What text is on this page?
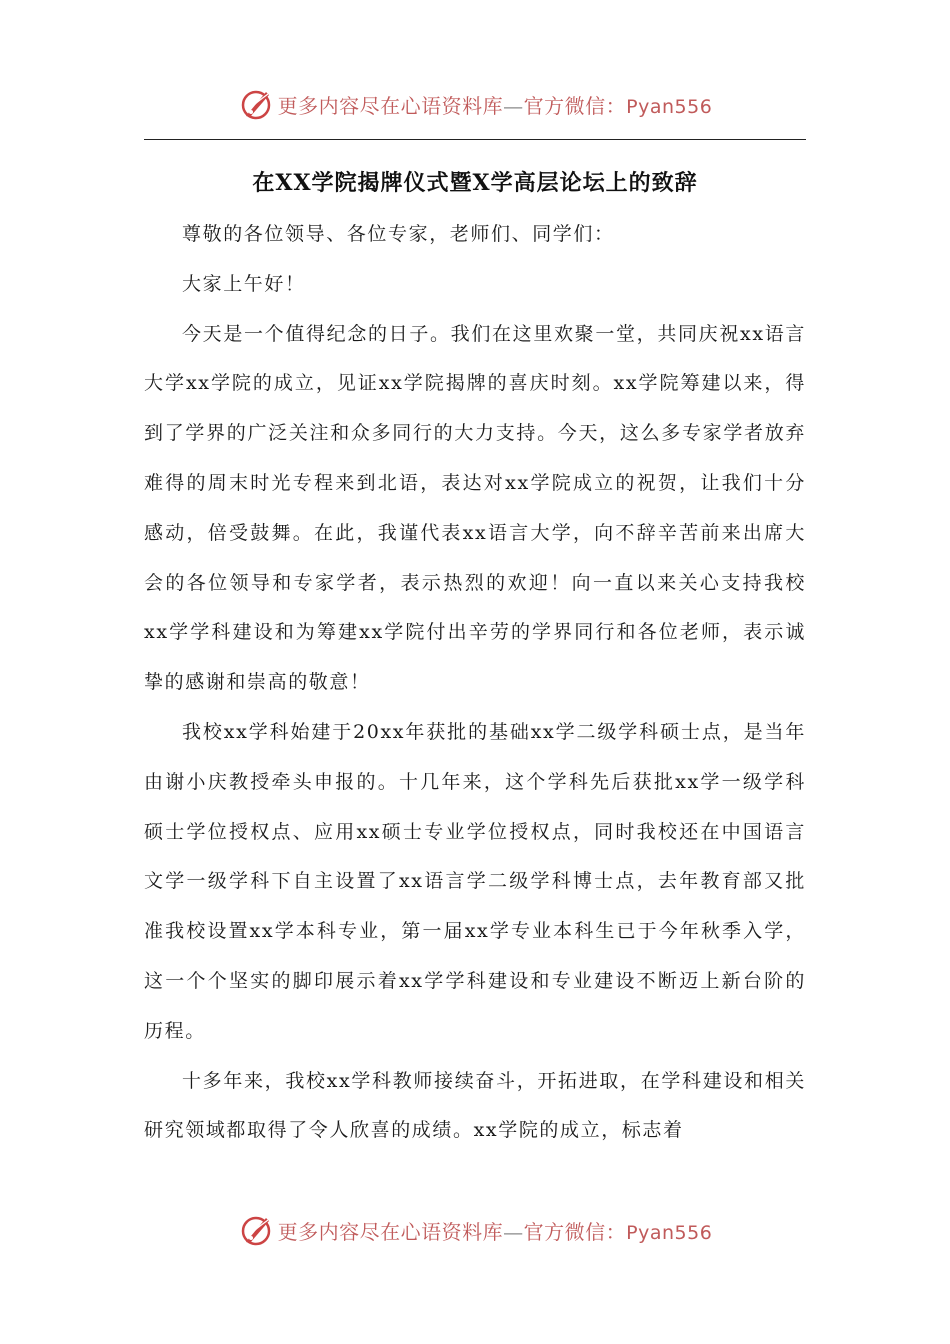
更多内容尽在心语资料库—官方微信：Pyan556
在XX学院揭牌仪式暨X学高层论坛上的致辞

尊敬的各位领导、各位专家，老师们、同学们：

大家上午好！

今天是一个值得纪念的日子。我们在这里欢聚一堂，共同庆祝xx语言大学xx学院的成立，见证xx学院揭牌的喜庆时刻。xx学院筹建以来，得到了学界的广泛关注和众多同行的大力支持。今天，这么多专家学者放弃难得的周末时光专程来到北语，表达对xx学院成立的祝贺，让我们十分感动，倍受鼓舞。在此，我谨代表xx语言大学，向不辞辛苦前来出席大会的各位领导和专家学者，表示热烈的欢迎！向一直以来关心支持我校xx学学科建设和为筹建xx学院付出辛劳的学界同行和各位老师，表示诚挚的感谢和崇高的敬意！

我校xx学科始建于20xx年获批的基础xx学二级学科硕士点，是当年由谢小庆教授牵头申报的。十几年来，这个学科先后获批xx学一级学科硕士学位授权点、应用xx硕士专业学位授权点，同时我校还在中国语言文学一级学科下自主设置了xx语言学二级学科博士点，去年教育部又批准我校设置xx学本科专业，第一届xx学专业本科生已于今年秋季入学，这一个个坚实的脚印展示着xx学学科建设和专业建设不断迈上新台阶的历程。

十多年来，我校xx学科教师接续奋斗，开拓进取，在学科建设和相关研究领域都取得了令人欣喜的成绩。xx学院的成立，标志着

更多内容尽在心语资料库—官方微信：Pyan556
